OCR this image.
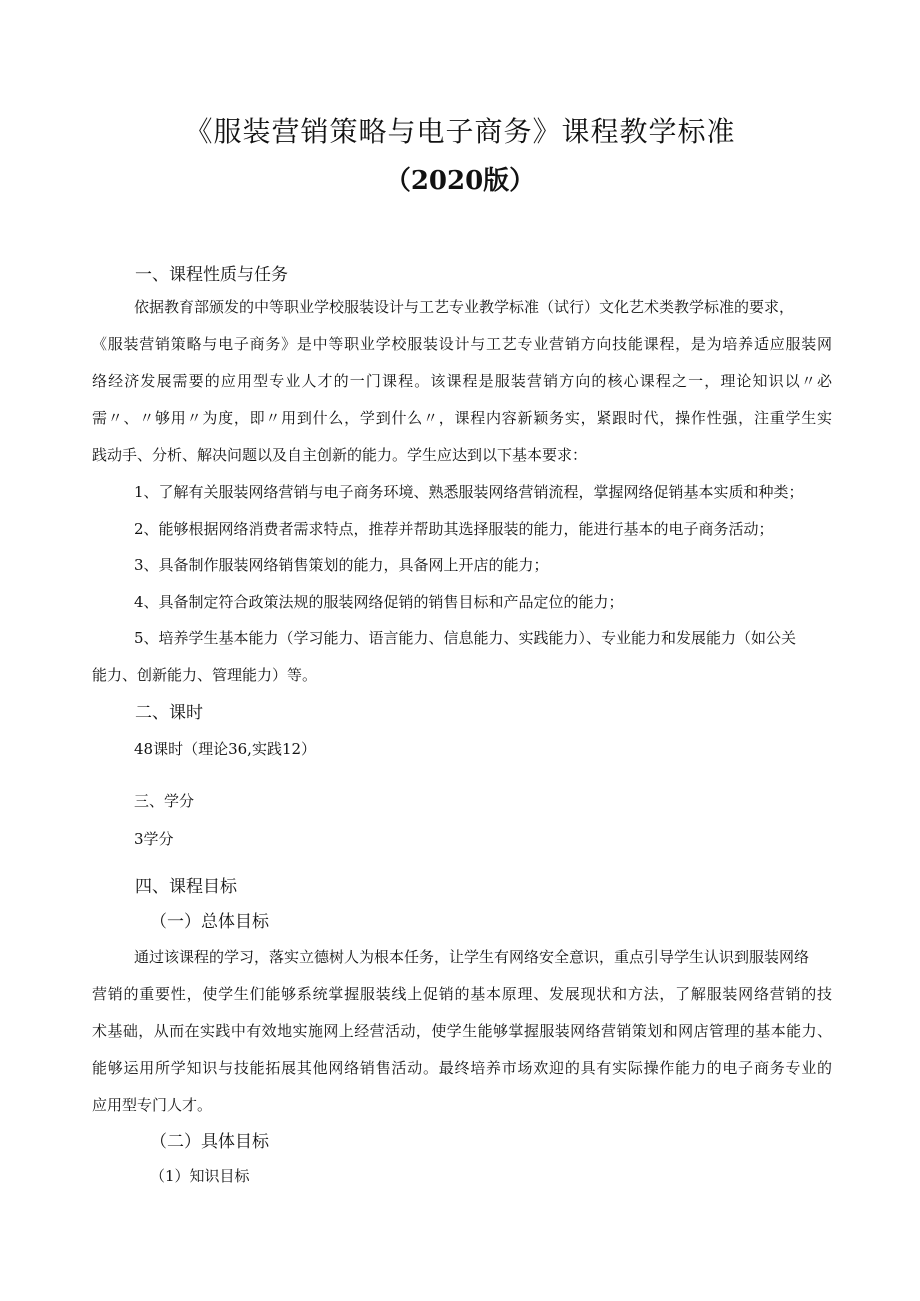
《服装营销策略与电子商务》课程教学标准
（2020版）
一、课程性质与任务
依据教育部颁发的中等职业学校服装设计与工艺专业教学标准（试行）文化艺术类教学标准的要求，
《服装营销策略与电子商务》是中等职业学校服装设计与工艺专业营销方向技能课程，是为培养适应服装网
络经济发展需要的应用型专业人才的一门课程。该课程是服装营销方向的核心课程之一，理论知识以〃必
需〃、〃够用〃为度，即〃用到什么，学到什么〃，课程内容新颖务实，紧跟时代，操作性强，注重学生实
践动手、分析、解决问题以及自主创新的能力。学生应达到以下基本要求：
1、了解有关服装网络营销与电子商务环境、熟悉服装网络营销流程，掌握网络促销基本实质和种类；
2、能够根据网络消费者需求特点，推荐并帮助其选择服装的能力，能进行基本的电子商务活动；
3、具备制作服装网络销售策划的能力，具备网上开店的能力；
4、具备制定符合政策法规的服装网络促销的销售目标和产品定位的能力；
5、培养学生基本能力（学习能力、语言能力、信息能力、实践能力）、专业能力和发展能力（如公关
能力、创新能力、管理能力）等。
二、课时
48课时（理论36,实践12）
三、学分
3学分
四、课程目标
（一）总体目标
通过该课程的学习，落实立德树人为根本任务，让学生有网络安全意识，重点引导学生认识到服装网络
营销的重要性，使学生们能够系统掌握服装线上促销的基本原理、发展现状和方法，了解服装网络营销的技
术基础，从而在实践中有效地实施网上经营活动，使学生能够掌握服装网络营销策划和网店管理的基本能力、
能够运用所学知识与技能拓展其他网络销售活动。最终培养市场欢迎的具有实际操作能力的电子商务专业的
应用型专门人才。
（二）具体目标
（1）知识目标
